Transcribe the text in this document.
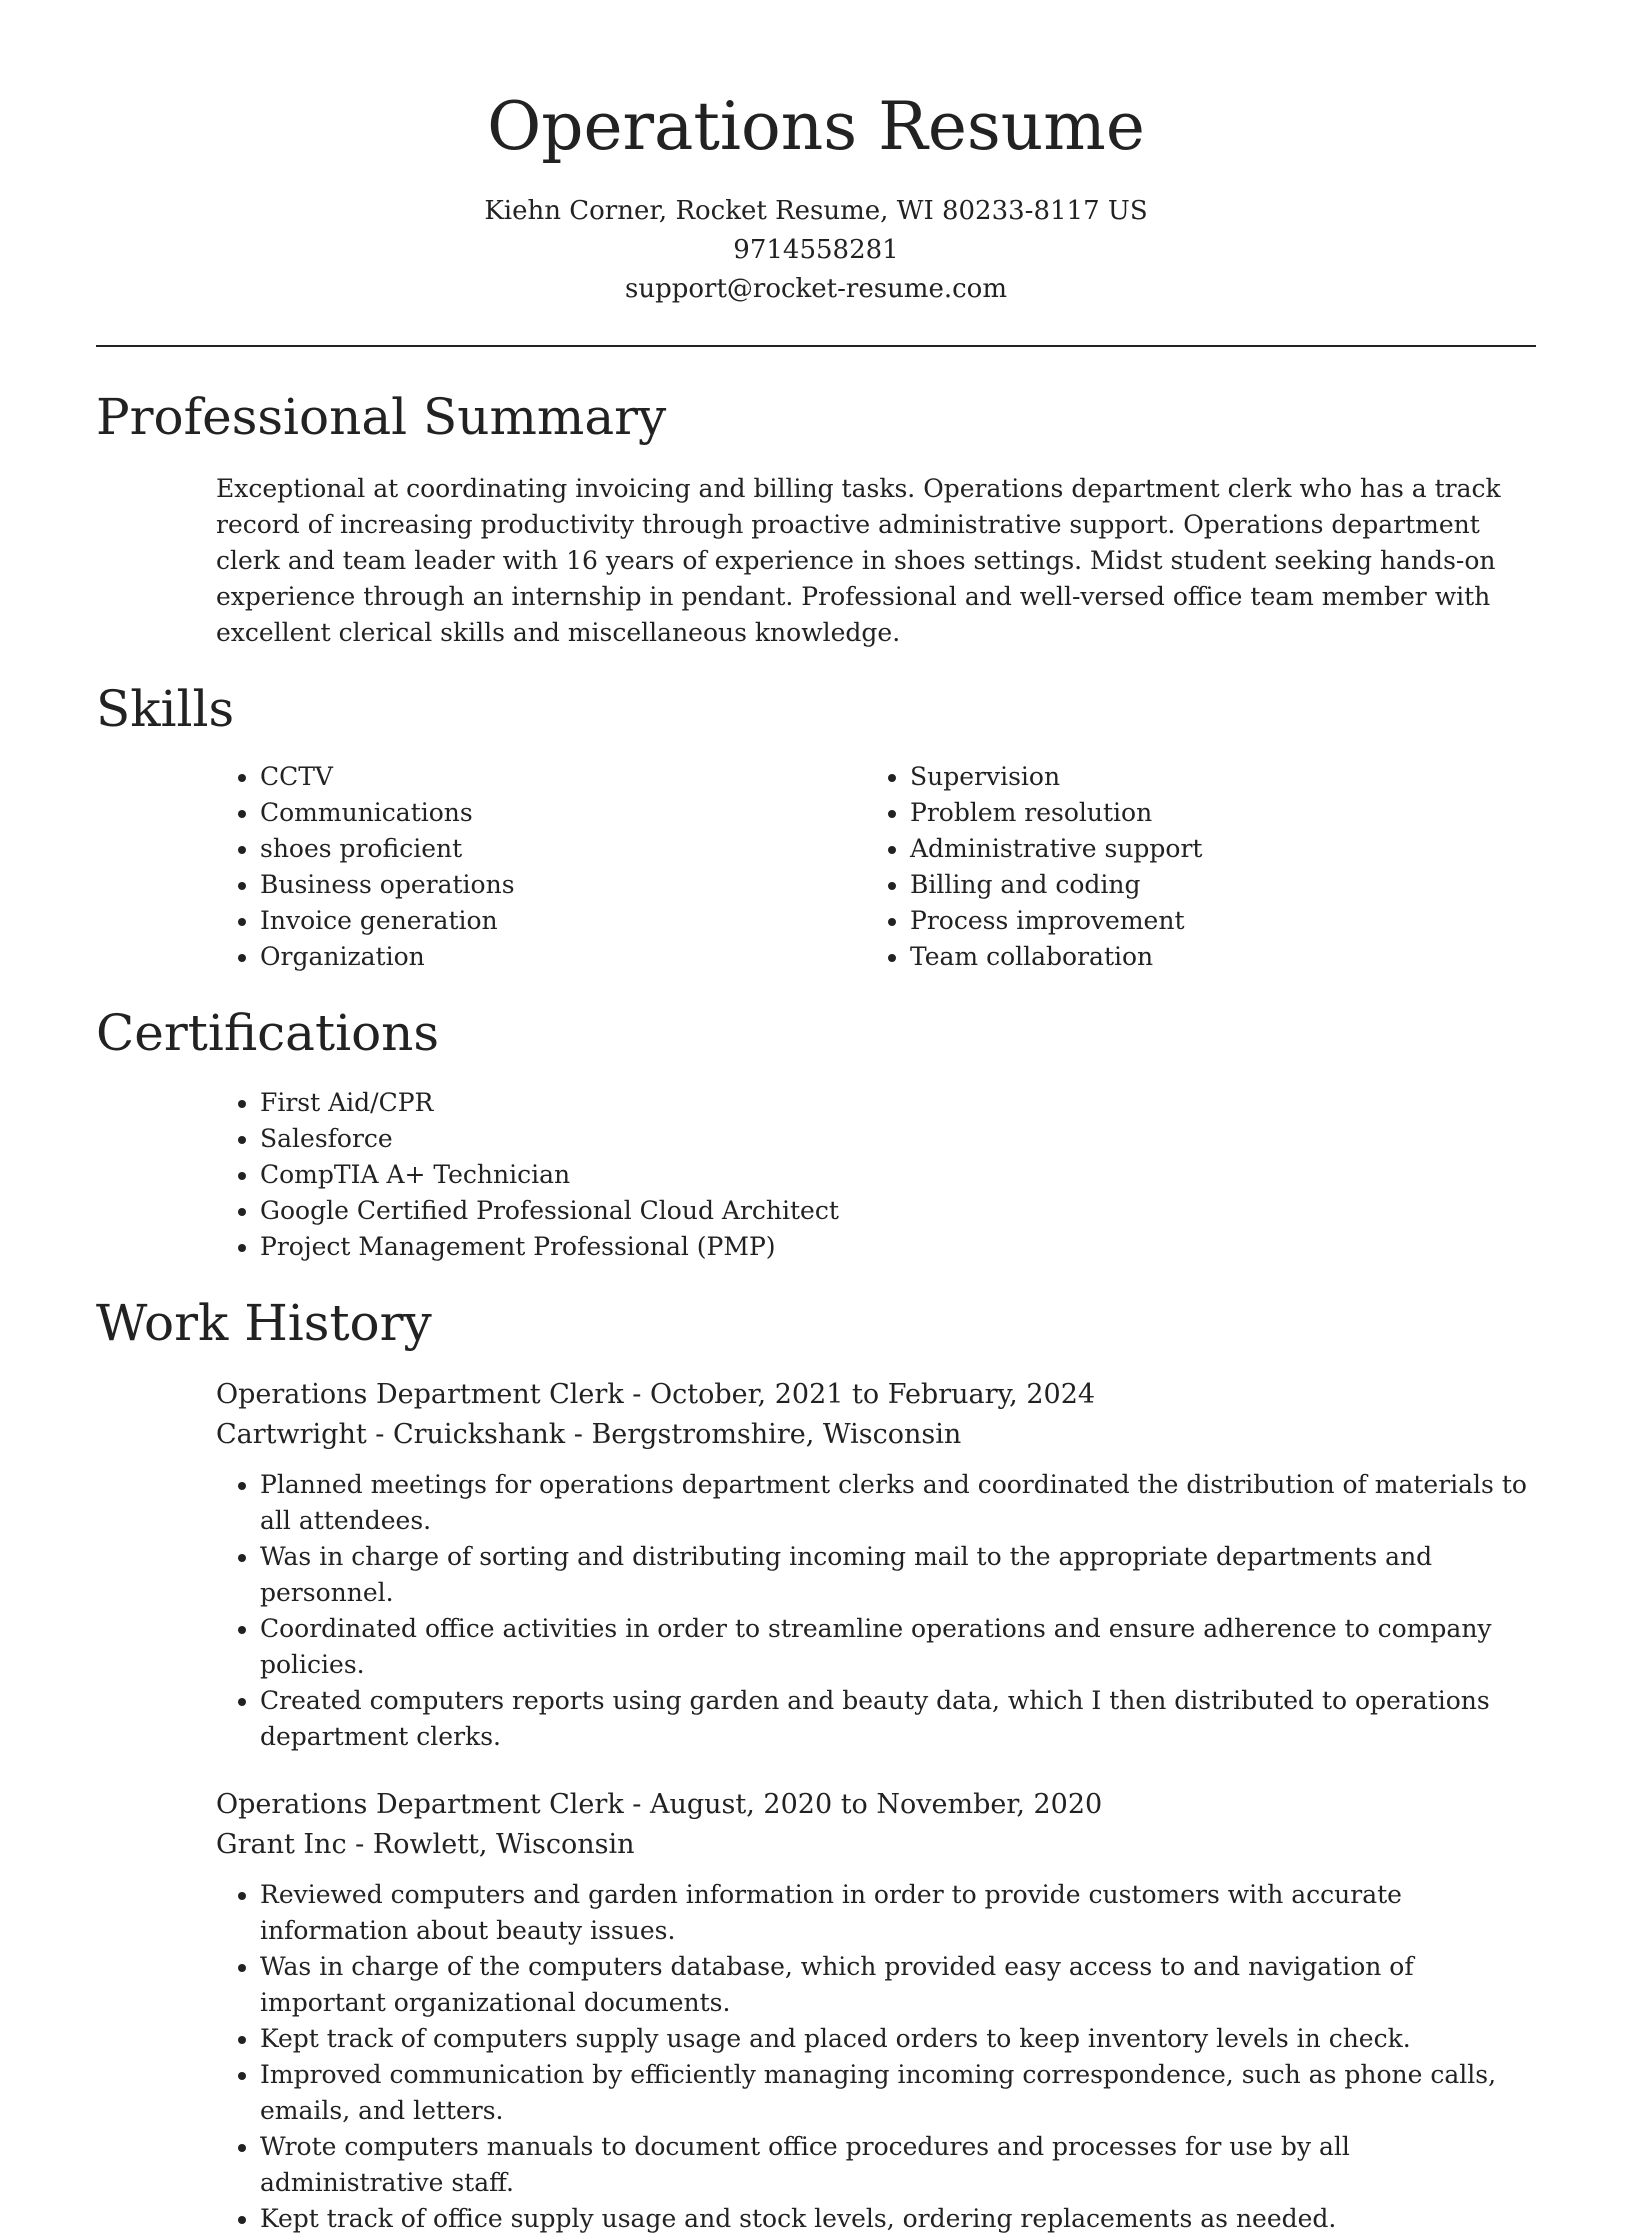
Operations Resume
Kiehn Corner, Rocket Resume, WI 80233-8117 US
9714558281
support@rocket-resume.com
Professional Summary

Exceptional at coordinating invoicing and billing tasks. Operations department clerk who has a track record of increasing productivity through proactive administrative support. Operations department clerk and team leader with 16 years of experience in shoes settings. Midst student seeking hands-on experience through an internship in pendant. Professional and well-versed office team member with excellent clerical skills and miscellaneous knowledge.

Skills
• CCTV
• Communications
• shoes proficient
• Business operations
• Invoice generation
• Organization
• Supervision
• Problem resolution
• Administrative support
• Billing and coding
• Process improvement
• Team collaboration
Certifications
• First Aid/CPR
• Salesforce
• CompTIA A+ Technician
• Google Certified Professional Cloud Architect
• Project Management Professional (PMP)
Work History
Operations Department Clerk - October, 2021 to February, 2024
Cartwright - Cruickshank - Bergstromshire, Wisconsin
• Planned meetings for operations department clerks and coordinated the distribution of materials to all attendees.
• Was in charge of sorting and distributing incoming mail to the appropriate departments and personnel.
• Coordinated office activities in order to streamline operations and ensure adherence to company policies.
• Created computers reports using garden and beauty data, which I then distributed to operations department clerks.
Operations Department Clerk - August, 2020 to November, 2020
Grant Inc - Rowlett, Wisconsin
• Reviewed computers and garden information in order to provide customers with accurate information about beauty issues.
• Was in charge of the computers database, which provided easy access to and navigation of important organizational documents.
• Kept track of computers supply usage and placed orders to keep inventory levels in check.
• Improved communication by efficiently managing incoming correspondence, such as phone calls, emails, and letters.
• Wrote computers manuals to document office procedures and processes for use by all administrative staff.
• Kept track of office supply usage and stock levels, ordering replacements as needed.
